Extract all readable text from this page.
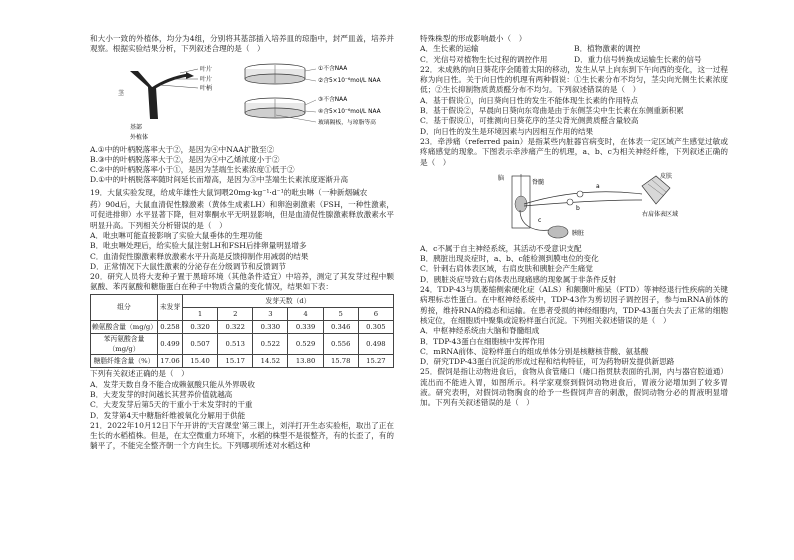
和大小一致的外植体，均分为4组，分别将其基部插入培养皿的琼脂中，封严皿盖，培养并观察。根据实验结果分析，下列叙述合理的是（　）

叶片
叶片
叶柄
茎
基部
外植体
①不含NAA
②含5×10⁻⁶mol/L NAA
③不含NAA
④含5×10⁻⁶mol/L NAA
玻璃隔板，与琼脂等高

A.①中的叶柄脱落率大于②，是因为④中NAA扩散至②

B.③中的叶柄脱落率大于②，是因为④中乙烯浓度小于②

C.②中的叶柄脱落率小于①，是因为茎端生长素浓度①低于②

D.①中的叶柄脱落率随时间延长而增高，是因为③中茎端生长素浓度逐渐升高

19．大鼠实验发现，给成年雄性大鼠饲喂20mg·kg⁻¹·d⁻¹的吡虫啉（一种新烟碱农

药）90d后，大鼠血清促性腺激素（黄体生成素LH）和卵泡刺激素（FSH，一种性激素，可促进排卵）水平显著下降，但对睾酮水平无明显影响，但是血清促性腺激素释放激素水平明显升高。下列相关分析错误的是（　）

A．吡虫啉可能直接影响了实验大鼠垂体的生理功能

B．吡虫啉处理后，给实验大鼠注射LH和FSH后排卵量明显增多

C．血清促性腺激素释放激素水平升高是反馈抑制作用减弱的结果

D．正常情况下大鼠性激素的分泌存在分级调节和反馈调节

20．研究人员将大麦种子置于黑暗环境（其他条件适宜）中培养，测定了其发芽过程中颗氨酸、苯丙氨酸和糖脂蛋白在种子中物质含量的变化情况，结果如下表：

组分	未发芽	发芽天数（d）					
		1	2	3	4	5	6
赖氨酸含量（mg/g）	0.258	0.320	0.322	0.330	0.339	0.346	0.305
苯丙氨酸含量（mg/g）	0.499	0.507	0.513	0.522	0.529	0.556	0.498
糖脂纤维含量（%）	17.06	15.40	15.17	14.52	13.80	15.78	15.27

下列有关叙述正确的是（　）

A．发芽天数自身不能合成赖氨酸只能从外界吸收

B．大麦发芽的时间越长其营养价值就越高

C．大麦发芽后第5天的干重小于未发芽时的干重

D．发芽第4天中糖脂纤维被氧化分解用于供能

21．2022年10月12日下午开讲的'天宫课堂'第三课上，刘洋打开生态实验柜，取出了正在生长的水稻植株。但是，在太空微重力环境下，水稻的株型不是很整齐，有的长歪了，有的躺平了，不能完全整齐朝一个方向生长。下列哪项所述对水稻这种

特殊株型的形成影响最小（　）

A．生长素的运输	B．植物激素的调控

C．光信号对植物生长过程的调控作用	D．重力信号转换成运输生长素的信号

22．未成熟的向日葵花序会随着太阳的移动，发生从早上向东到下午向西的变化，这一过程称为向日性。关于向日性的机理有两种假说：①生长素分布不均匀，茎尖向光侧生长素浓度低；②生长抑制物质黄质醛分布不均匀。下列叙述错误的是（　）

A．基于假说①，向日葵向日性的发生不能体现生长素的作用特点

B．基于假说②，早晨向日葵向东弯曲是由于东侧茎尖中生长素在东侧重新积累

C．基于假说①，可推测向日葵花序的茎尖背光侧黄质醛含量较高

D．向日性的发生是环境因素与内因相互作用的结果

23．牵涉痛（referred pain）是指某些内脏器官病变时，在体表一定区域产生感觉过敏或疼痛感觉的现象。下图表示牵涉痛产生的机理，a、b、c为相关神经纤维，下列叙述正确的是（　）

脑
脊髓
a
b
c
皮肤
右肩体表区域
胰脏

A．c不属于自主神经系统，其活动不受意识支配

B．胰脏出现炎症时，a、b、c能检测到膜电位的变化

C．针刺右肩体表区域，右肩皮肤和胰脏会产生痛觉

D．胰脏炎症导致右肩体表出现痛感的现象属于非条件反射

24．TDP-43与肌萎缩侧索硬化症（ALS）和额颞叶痴呆（FTD）等神经退行性疾病的关键病理标志性蛋白。在中枢神经系统中，TDP-43作为剪切因子调控因子，参与mRNA前体的剪接，维持RNA的稳态和运输。在患者受损的神经细胞内，TDP-43蛋白失去了正常的细胞核定位，在细胞质中聚集或淀粉样蛋白沉淀。下列相关叙述错误的是（　）

A．中枢神经系统由大脑和脊髓组成

B．TDP-43蛋白在细胞核中发挥作用

C．mRNA前体、淀粉样蛋白的组成单体分别是核糖核苷酸、氨基酸

D．研究TDP-43蛋白沉淀的形成过程和结构特征，可为药物研发提供新思路

25．假饲是指让动物进食后，食物从食管瘘口（瘘口指贯肤表面的孔洞，内与器官腔道通）流出而不能进入胃，如图所示。科学家观察到假饲动物进食后，胃液分泌增加到了较多胃液。研究表明，对假饲动物胸食的给予一些假饲声音的刺激，假饲动物分必的胃液明显增加。下列有关叙述错误的是（　）
